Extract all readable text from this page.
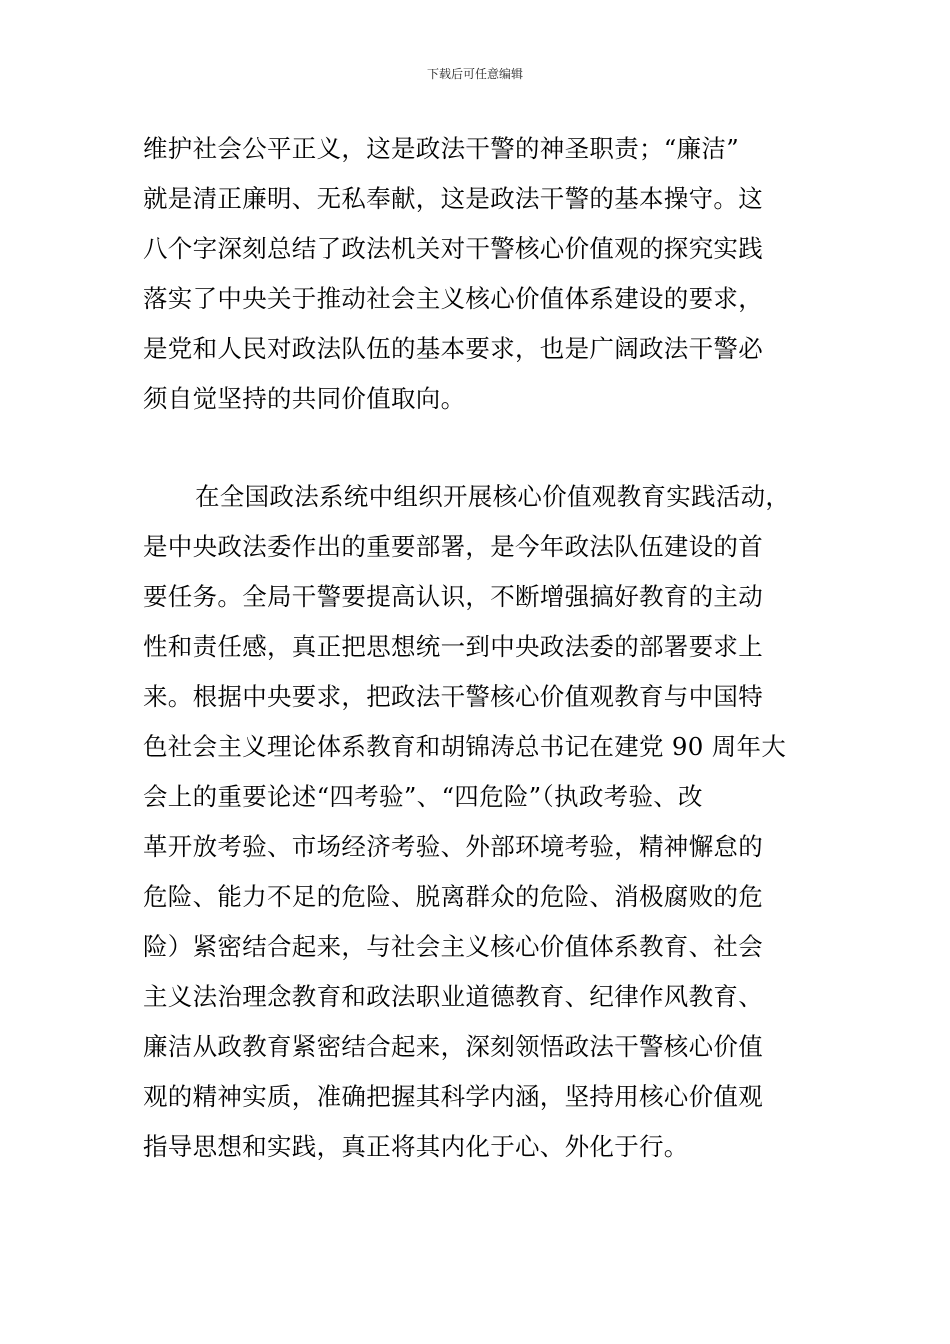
下载后可任意编辑
维护社会公平正义，这是政法干警的神圣职责；“廉洁”
就是清正廉明、无私奉献，这是政法干警的基本操守。这
八个字深刻总结了政法机关对干警核心价值观的探究实践
落实了中央关于推动社会主义核心价值体系建设的要求，
是党和人民对政法队伍的基本要求，也是广阔政法干警必
须自觉坚持的共同价值取向。
在全国政法系统中组织开展核心价值观教育实践活动，
是中央政法委作出的重要部署，是今年政法队伍建设的首
要任务。全局干警要提高认识，不断增强搞好教育的主动
性和责任感，真正把思想统一到中央政法委的部署要求上
来。根据中央要求，把政法干警核心价值观教育与中国特
色社会主义理论体系教育和胡锦涛总书记在建党 90 周年大
会上的重要论述“四考验”、“四危险”（执政考验、改
革开放考验、市场经济考验、外部环境考验，精神懈怠的
危险、能力不足的危险、脱离群众的危险、消极腐败的危
险）紧密结合起来，与社会主义核心价值体系教育、社会
主义法治理念教育和政法职业道德教育、纪律作风教育、
廉洁从政教育紧密结合起来，深刻领悟政法干警核心价值
观的精神实质，准确把握其科学内涵，坚持用核心价值观
指导思想和实践，真正将其内化于心、外化于行。
